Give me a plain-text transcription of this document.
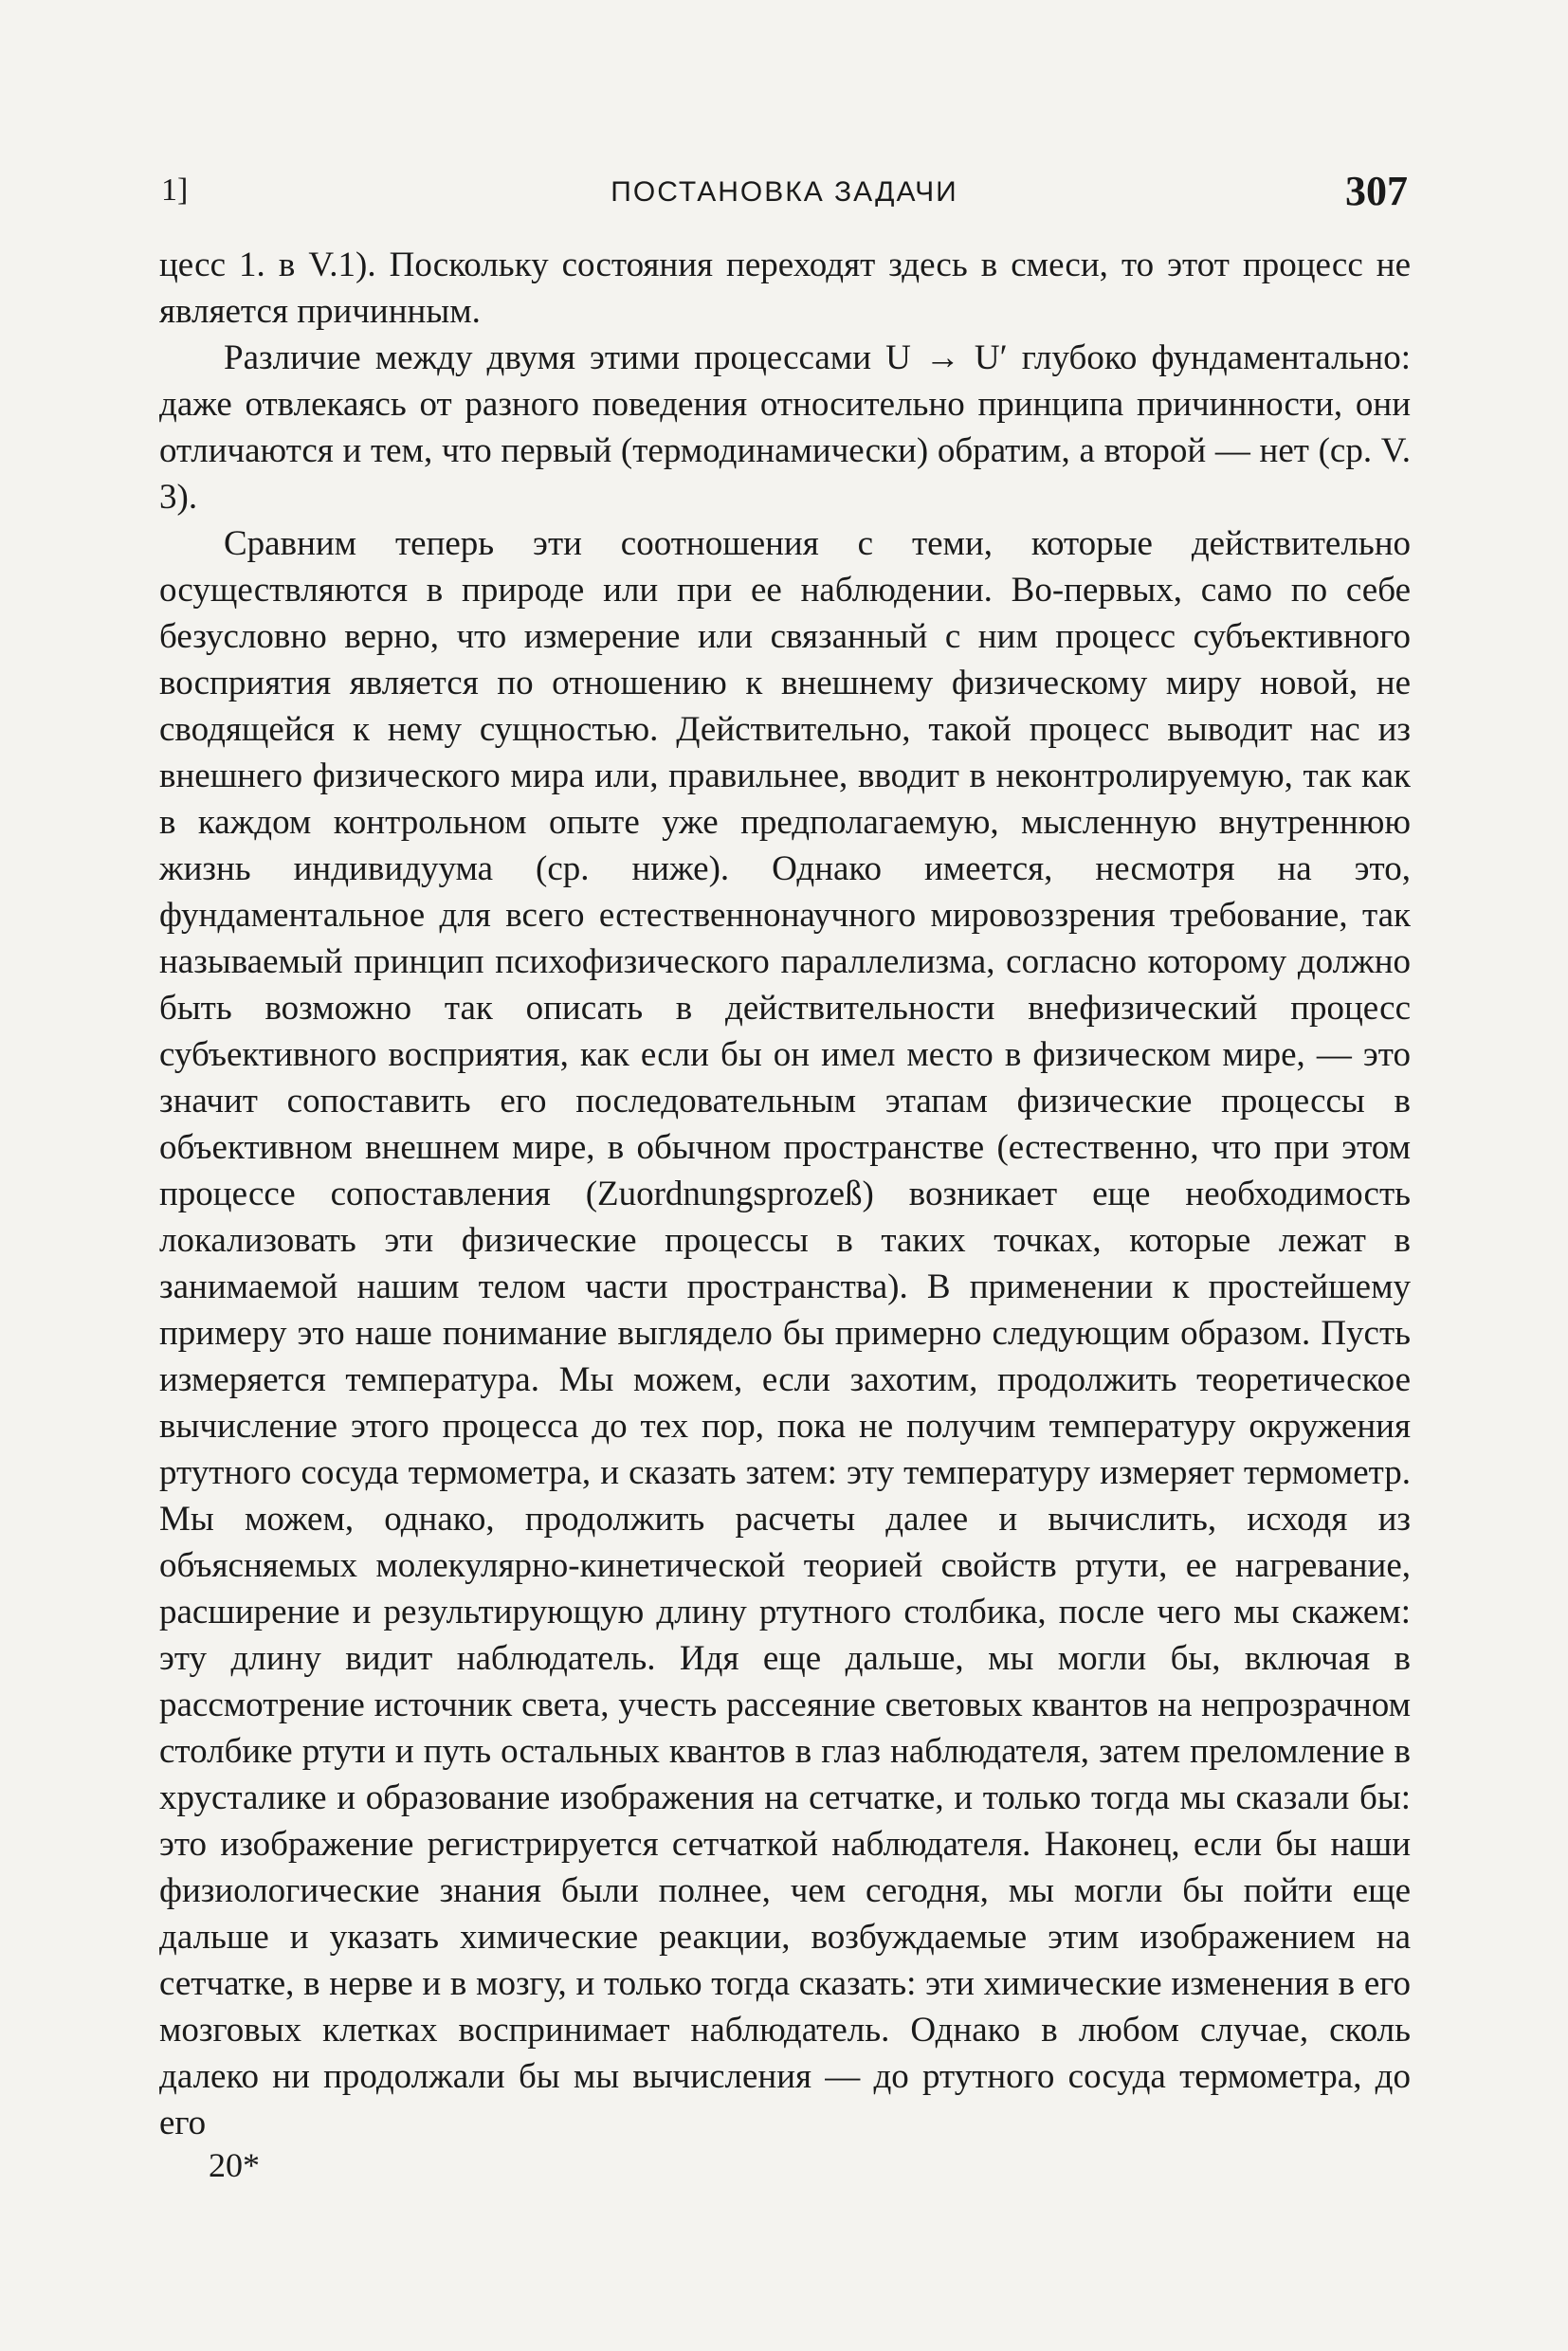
1]	ПОСТАНОВКА ЗАДАЧИ	307

цесс 1. в V.1). Поскольку состояния переходят здесь в смеси, то этот процесс не является причинным.

Различие между двумя этими процессами U → U′ глубоко фундаментально: даже отвлекаясь от разного поведения относительно принципа причинности, они отличаются и тем, что первый (термодинамически) обратим, а второй — нет (ср. V. 3).

Сравним теперь эти соотношения с теми, которые действительно осуществляются в природе или при ее наблюдении. Во-первых, само по себе безусловно верно, что измерение или связанный с ним процесс субъективного восприятия является по отношению к внешнему физическому миру новой, не сводящейся к нему сущностью. Действительно, такой процесс выводит нас из внешнего физического мира или, правильнее, вводит в неконтролируемую, так как в каждом контрольном опыте уже предполагаемую, мысленную внутреннюю жизнь индивидуума (ср. ниже). Однако имеется, несмотря на это, фундаментальное для всего естественнонаучного мировоззрения требование, так называемый принцип психофизического параллелизма, согласно которому должно быть возможно так описать в действительности внефизический процесс субъективного восприятия, как если бы он имел место в физическом мире, — это значит сопоставить его последовательным этапам физические процессы в объективном внешнем мире, в обычном пространстве (естественно, что при этом процессе сопоставления (Zuordnungsprozeß) возникает еще необходимость локализовать эти физические процессы в таких точках, которые лежат в занимаемой нашим телом части пространства). В применении к простейшему примеру это наше понимание выглядело бы примерно следующим образом. Пусть измеряется температура. Мы можем, если захотим, продолжить теоретическое вычисление этого процесса до тех пор, пока не получим температуру окружения ртутного сосуда термометра, и сказать затем: эту температуру измеряет термометр. Мы можем, однако, продолжить расчеты далее и вычислить, исходя из объясняемых молекулярно-кинетической теорией свойств ртути, ее нагревание, расширение и результирующую длину ртутного столбика, после чего мы скажем: эту длину видит наблюдатель. Идя еще дальше, мы могли бы, включая в рассмотрение источник света, учесть рассеяние световых квантов на непрозрачном столбике ртути и путь остальных квантов в глаз наблюдателя, затем преломление в хрусталике и образование изображения на сетчатке, и только тогда мы сказали бы: это изображение регистрируется сетчаткой наблюдателя. Наконец, если бы наши физиологические знания были полнее, чем сегодня, мы могли бы пойти еще дальше и указать химические реакции, возбуждаемые этим изображением на сетчатке, в нерве и в мозгу, и только тогда сказать: эти химические изменения в его мозговых клетках воспринимает наблюдатель. Однако в любом случае, сколь далеко ни продолжали бы мы вычисления — до ртутного сосуда термометра, до его

20*
